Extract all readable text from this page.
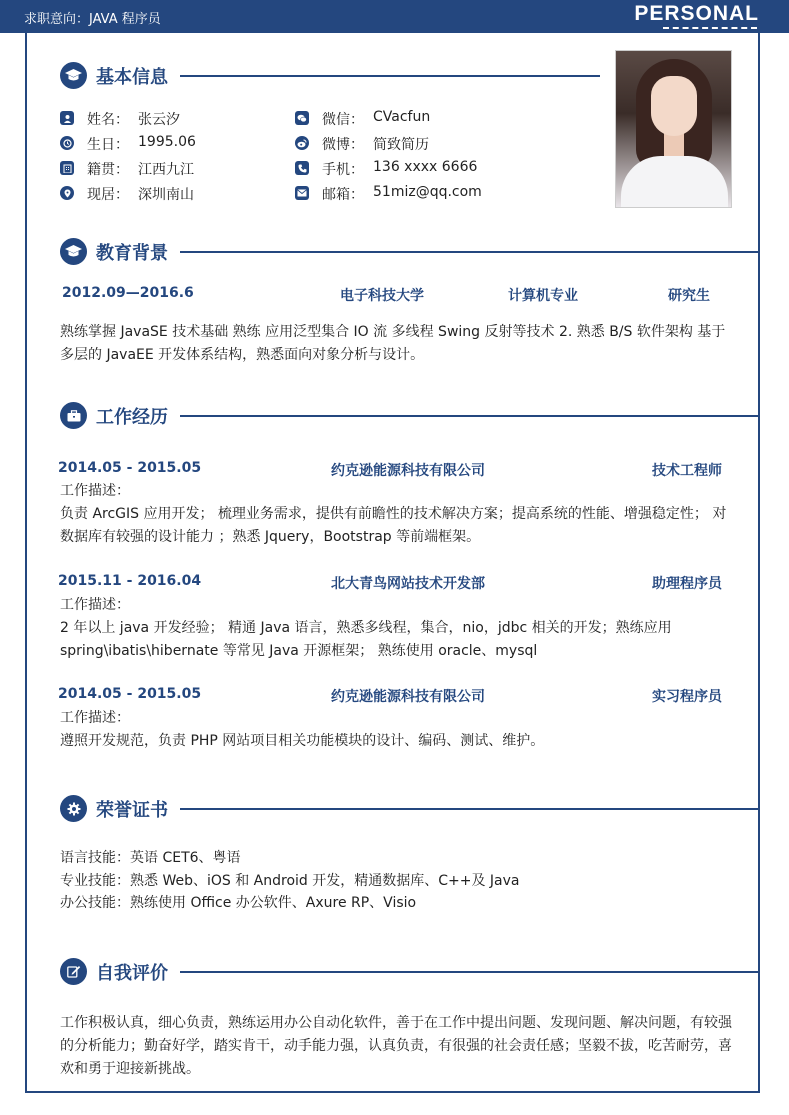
求职意向：JAVA 程序员	PERSONAL
基本信息
姓名： 张云汐
生日： 1995.06
籍贯： 江西九江
现居： 深圳南山
微信： CVacfun
微博： 简致简历
手机： 136 xxxx 6666
邮箱： 51miz@qq.com
教育背景
2012.09—2016.6	电子科技大学	计算机专业	研究生
熟练掌握 JavaSE 技术基础 熟练 应用泛型集合 IO 流 多线程 Swing 反射等技术 2. 熟悉 B/S 软件架构 基于多层的 JavaEE 开发体系结构，熟悉面向对象分析与设计。
工作经历
2014.05 - 2015.05	约克逊能源科技有限公司	技术工程师
工作描述：
负责 ArcGIS 应用开发； 梳理业务需求，提供有前瞻性的技术解决方案；提高系统的性能、增强稳定性； 对数据库有较强的设计能力 ；熟悉 Jquery，Bootstrap 等前端框架。
2015.11 - 2016.04	北大青鸟网站技术开发部	助理程序员
工作描述：
2 年以上 java 开发经验； 精通 Java 语言，熟悉多线程，集合，nio，jdbc 相关的开发；熟练应用 spring\ibatis\hibernate 等常见 Java 开源框架； 熟练使用 oracle、mysql
2014.05 - 2015.05	约克逊能源科技有限公司	实习程序员
工作描述：
遵照开发规范，负责 PHP 网站项目相关功能模块的设计、编码、测试、维护。
荣誉证书
语言技能：英语 CET6、粤语
专业技能：熟悉 Web、iOS 和 Android 开发，精通数据库、C++及 Java
办公技能：熟练使用 Office 办公软件、Axure RP、Visio
自我评价
工作积极认真，细心负责，熟练运用办公自动化软件，善于在工作中提出问题、发现问题、解决问题，有较强的分析能力；勤奋好学，踏实肯干，动手能力强，认真负责，有很强的社会责任感；坚毅不拔，吃苦耐劳，喜欢和勇于迎接新挑战。
